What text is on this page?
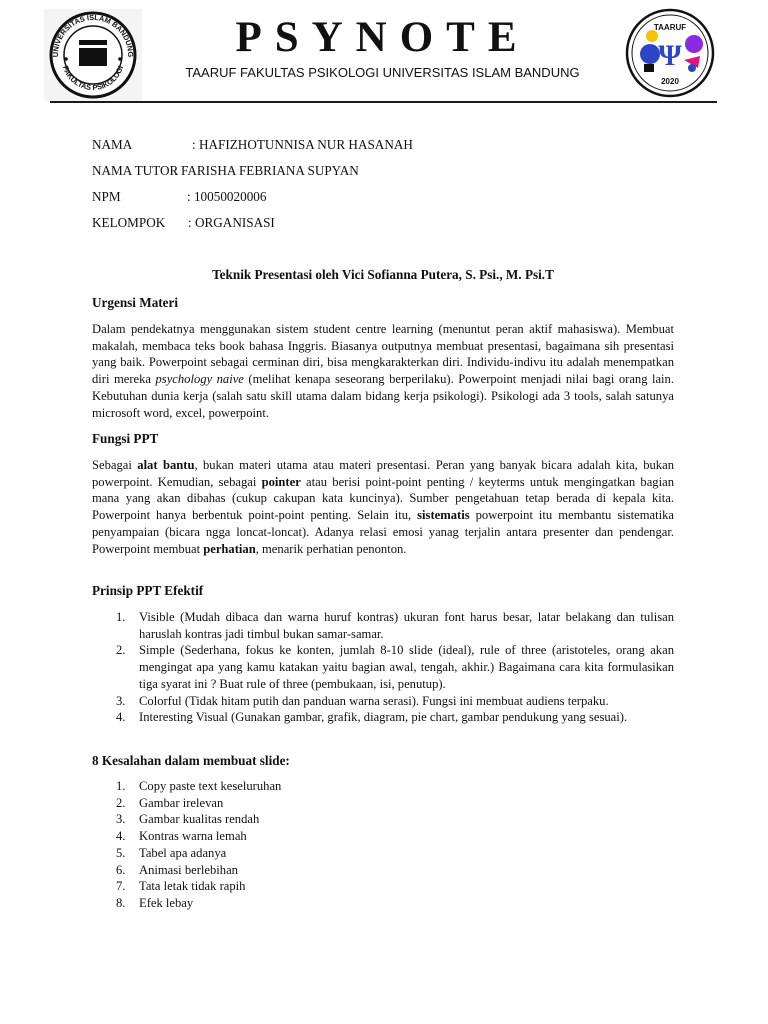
UNIVERSITAS ISLAM BANDUNG
FAKULTAS PSIKOLOGI
PSYNOTE
TAARUF FAKULTAS PSIKOLOGI UNIVERSITAS ISLAM BANDUNG
TAARUF
Ψ
2020
NAMA	: HAFIZHOTUNNISA NUR HASANAH
NAMA TUTOR
: FARISHA FEBRIANA SUPYAN
NPM	: 10050020006
KELOMPOK : ORGANISASI
Teknik Presentasi oleh Vici Sofianna Putera, S. Psi., M. Psi.T
Urgensi Materi

Dalam pendekatnya menggunakan sistem student centre learning (menuntut peran aktif mahasiswa). Membuat makalah, membaca teks book bahasa Inggris. Biasanya outputnya membuat presentasi, bagaimana sih presentasi yang baik. Powerpoint sebagai cerminan diri, bisa mengkarakterkan diri. Individu-indivu itu adalah menempatkan diri mereka psychology naive (melihat kenapa seseorang berperilaku). Powerpoint menjadi nilai bagi orang lain. Kebutuhan dunia kerja (salah satu skill utama dalam bidang kerja psikologi). Psikologi ada 3 tools, salah satunya microsoft word, excel, powerpoint.

Fungsi PPT

Sebagai alat bantu, bukan materi utama atau materi presentasi. Peran yang banyak bicara adalah kita, bukan powerpoint. Kemudian, sebagai pointer atau berisi point-point penting / keyterms untuk mengingatkan bagian mana yang akan dibahas (cukup cakupan kata kuncinya). Sumber pengetahuan tetap berada di kepala kita. Powerpoint hanya berbentuk point-point penting. Selain itu, sistematis powerpoint itu membantu sistematika penyampaian (bicara ngga loncat-loncat). Adanya relasi emosi yanag terjalin antara presenter dan pendengar. Powerpoint membuat perhatian, menarik perhatian penonton.

Prinsip PPT Efektif
1. Visible (Mudah dibaca dan warna huruf kontras) ukuran font harus besar, latar belakang dan tulisan haruslah kontras jadi timbul bukan samar-samar.
2. Simple (Sederhana, fokus ke konten, jumlah 8-10 slide (ideal), rule of three (aristoteles, orang akan mengingat apa yang kamu katakan yaitu bagian awal, tengah, akhir.) Bagaimana cara kita formulasikan tiga syarat ini ? Buat rule of three (pembukaan, isi, penutup).
3. Colorful (Tidak hitam putih dan panduan warna serasi). Fungsi ini membuat audiens terpaku.
4. Interesting Visual (Gunakan gambar, grafik, diagram, pie chart, gambar pendukung yang sesuai).
8 Kesalahan dalam membuat slide:
1. Copy paste text keseluruhan
2. Gambar irelevan
3. Gambar kualitas rendah
4. Kontras warna lemah
5. Tabel apa adanya
6. Animasi berlebihan
7. Tata letak tidak rapih
8. Efek lebay
